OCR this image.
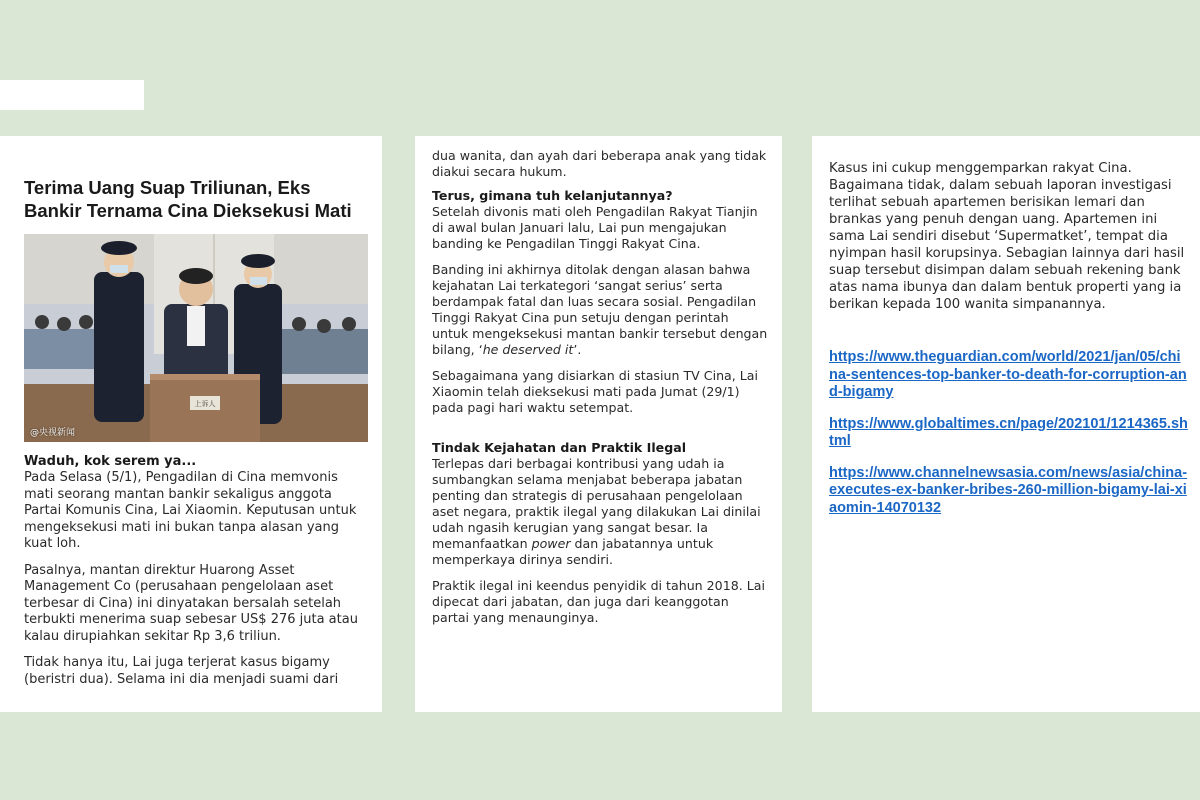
Terima Uang Suap Triliunan, Eks Bankir Ternama Cina Dieksekusi Mati
上诉人
@央视新闻

Waduh, kok serem ya...

Pada Selasa (5/1), Pengadilan di Cina memvonis mati seorang mantan bankir sekaligus anggota Partai Komunis Cina, Lai Xiaomin. Keputusan untuk mengeksekusi mati ini bukan tanpa alasan yang kuat loh.

Pasalnya, mantan direktur Huarong Asset Management Co (perusahaan pengelolaan aset terbesar di Cina) ini dinyatakan bersalah setelah terbukti menerima suap sebesar US$ 276 juta atau kalau dirupiahkan sekitar Rp 3,6 triliun.

Tidak hanya itu, Lai juga terjerat kasus bigamy (beristri dua). Selama ini dia menjadi suami dari

dua wanita, dan ayah dari beberapa anak yang tidak diakui secara hukum.

Terus, gimana tuh kelanjutannya?

Setelah divonis mati oleh Pengadilan Rakyat Tianjin di awal bulan Januari lalu, Lai pun mengajukan banding ke Pengadilan Tinggi Rakyat Cina.

Banding ini akhirnya ditolak dengan alasan bahwa kejahatan Lai terkategori ‘sangat serius’ serta berdampak fatal dan luas secara sosial. Pengadilan Tinggi Rakyat Cina pun setuju dengan perintah untuk mengeksekusi mantan bankir tersebut dengan bilang, ‘he deserved it’.

Sebagaimana yang disiarkan di stasiun TV Cina, Lai Xiaomin telah dieksekusi mati pada Jumat (29/1) pada pagi hari waktu setempat.

Tindak Kejahatan dan Praktik Ilegal

Terlepas dari berbagai kontribusi yang udah ia sumbangkan selama menjabat beberapa jabatan penting dan strategis di perusahaan pengelolaan aset negara, praktik ilegal yang dilakukan Lai dinilai udah ngasih kerugian yang sangat besar. Ia memanfaatkan power dan jabatannya untuk memperkaya dirinya sendiri.

Praktik ilegal ini keendus penyidik di tahun 2018. Lai dipecat dari jabatan, dan juga dari keanggotan partai yang menaunginya.

Kasus ini cukup menggemparkan rakyat Cina. Bagaimana tidak, dalam sebuah laporan investigasi terlihat sebuah apartemen berisikan lemari dan brankas yang penuh dengan uang. Apartemen ini sama Lai sendiri disebut ‘Supermatket’, tempat dia nyimpan hasil korupsinya. Sebagian lainnya dari hasil suap tersebut disimpan dalam sebuah rekening bank atas nama ibunya dan dalam bentuk properti yang ia berikan kepada 100 wanita simpanannya.

https://www.theguardian.com/world/2021/jan/05/china-sentences-top-banker-to-death-for-corruption-and-bigamy
https://www.globaltimes.cn/page/202101/1214365.shtml
https://www.channelnewsasia.com/news/asia/china-executes-ex-banker-bribes-260-million-bigamy-lai-xiaomin-14070132
